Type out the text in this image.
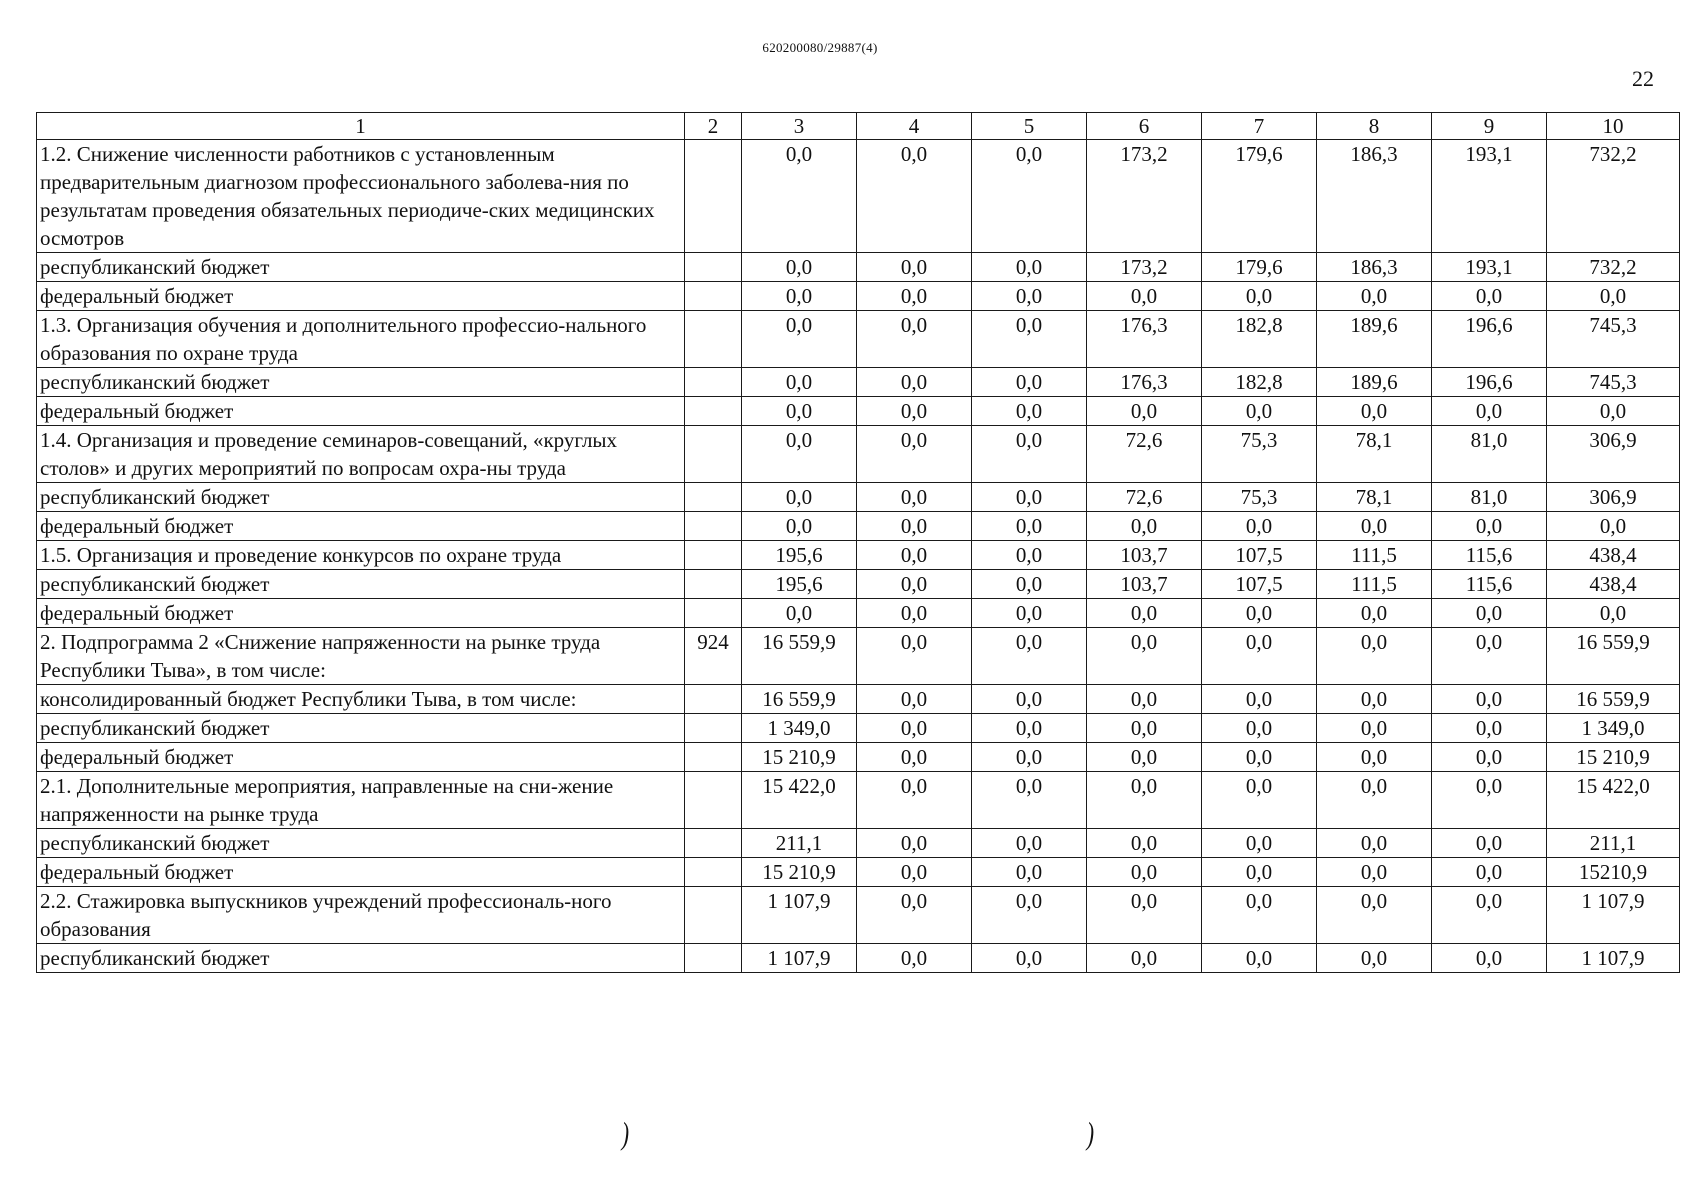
620200080/29887(4)
22
1	2	3	4	5	6	7	8	9	10
1.2. Снижение численности работников с установленным предварительным диагнозом профессионального заболева-ния по результатам проведения обязательных периодиче-ских медицинских осмотров		0,0	0,0	0,0	173,2	179,6	186,3	193,1	732,2
республиканский бюджет		0,0	0,0	0,0	173,2	179,6	186,3	193,1	732,2
федеральный бюджет		0,0	0,0	0,0	0,0	0,0	0,0	0,0	0,0
1.3. Организация обучения и дополнительного профессио-нального образования по охране труда		0,0	0,0	0,0	176,3	182,8	189,6	196,6	745,3
республиканский бюджет		0,0	0,0	0,0	176,3	182,8	189,6	196,6	745,3
федеральный бюджет		0,0	0,0	0,0	0,0	0,0	0,0	0,0	0,0
1.4. Организация и проведение семинаров-совещаний, «круглых столов» и других мероприятий по вопросам охра-ны труда		0,0	0,0	0,0	72,6	75,3	78,1	81,0	306,9
республиканский бюджет		0,0	0,0	0,0	72,6	75,3	78,1	81,0	306,9
федеральный бюджет		0,0	0,0	0,0	0,0	0,0	0,0	0,0	0,0
1.5. Организация и проведение конкурсов по охране труда		195,6	0,0	0,0	103,7	107,5	111,5	115,6	438,4
республиканский бюджет		195,6	0,0	0,0	103,7	107,5	111,5	115,6	438,4
федеральный бюджет		0,0	0,0	0,0	0,0	0,0	0,0	0,0	0,0
2. Подпрограмма 2 «Снижение напряженности на рынке труда Республики Тыва», в том числе:	924	16 559,9	0,0	0,0	0,0	0,0	0,0	0,0	16 559,9
консолидированный бюджет Республики Тыва, в том числе:		16 559,9	0,0	0,0	0,0	0,0	0,0	0,0	16 559,9
республиканский бюджет		1 349,0	0,0	0,0	0,0	0,0	0,0	0,0	1 349,0
федеральный бюджет		15 210,9	0,0	0,0	0,0	0,0	0,0	0,0	15 210,9
2.1. Дополнительные мероприятия, направленные на сни-жение напряженности на рынке труда		15 422,0	0,0	0,0	0,0	0,0	0,0	0,0	15 422,0
республиканский бюджет		211,1	0,0	0,0	0,0	0,0	0,0	0,0	211,1
федеральный бюджет		15 210,9	0,0	0,0	0,0	0,0	0,0	0,0	15210,9
2.2. Стажировка выпускников учреждений профессиональ-ного образования		1 107,9	0,0	0,0	0,0	0,0	0,0	0,0	1 107,9
республиканский бюджет		1 107,9	0,0	0,0	0,0	0,0	0,0	0,0	1 107,9
)	)
